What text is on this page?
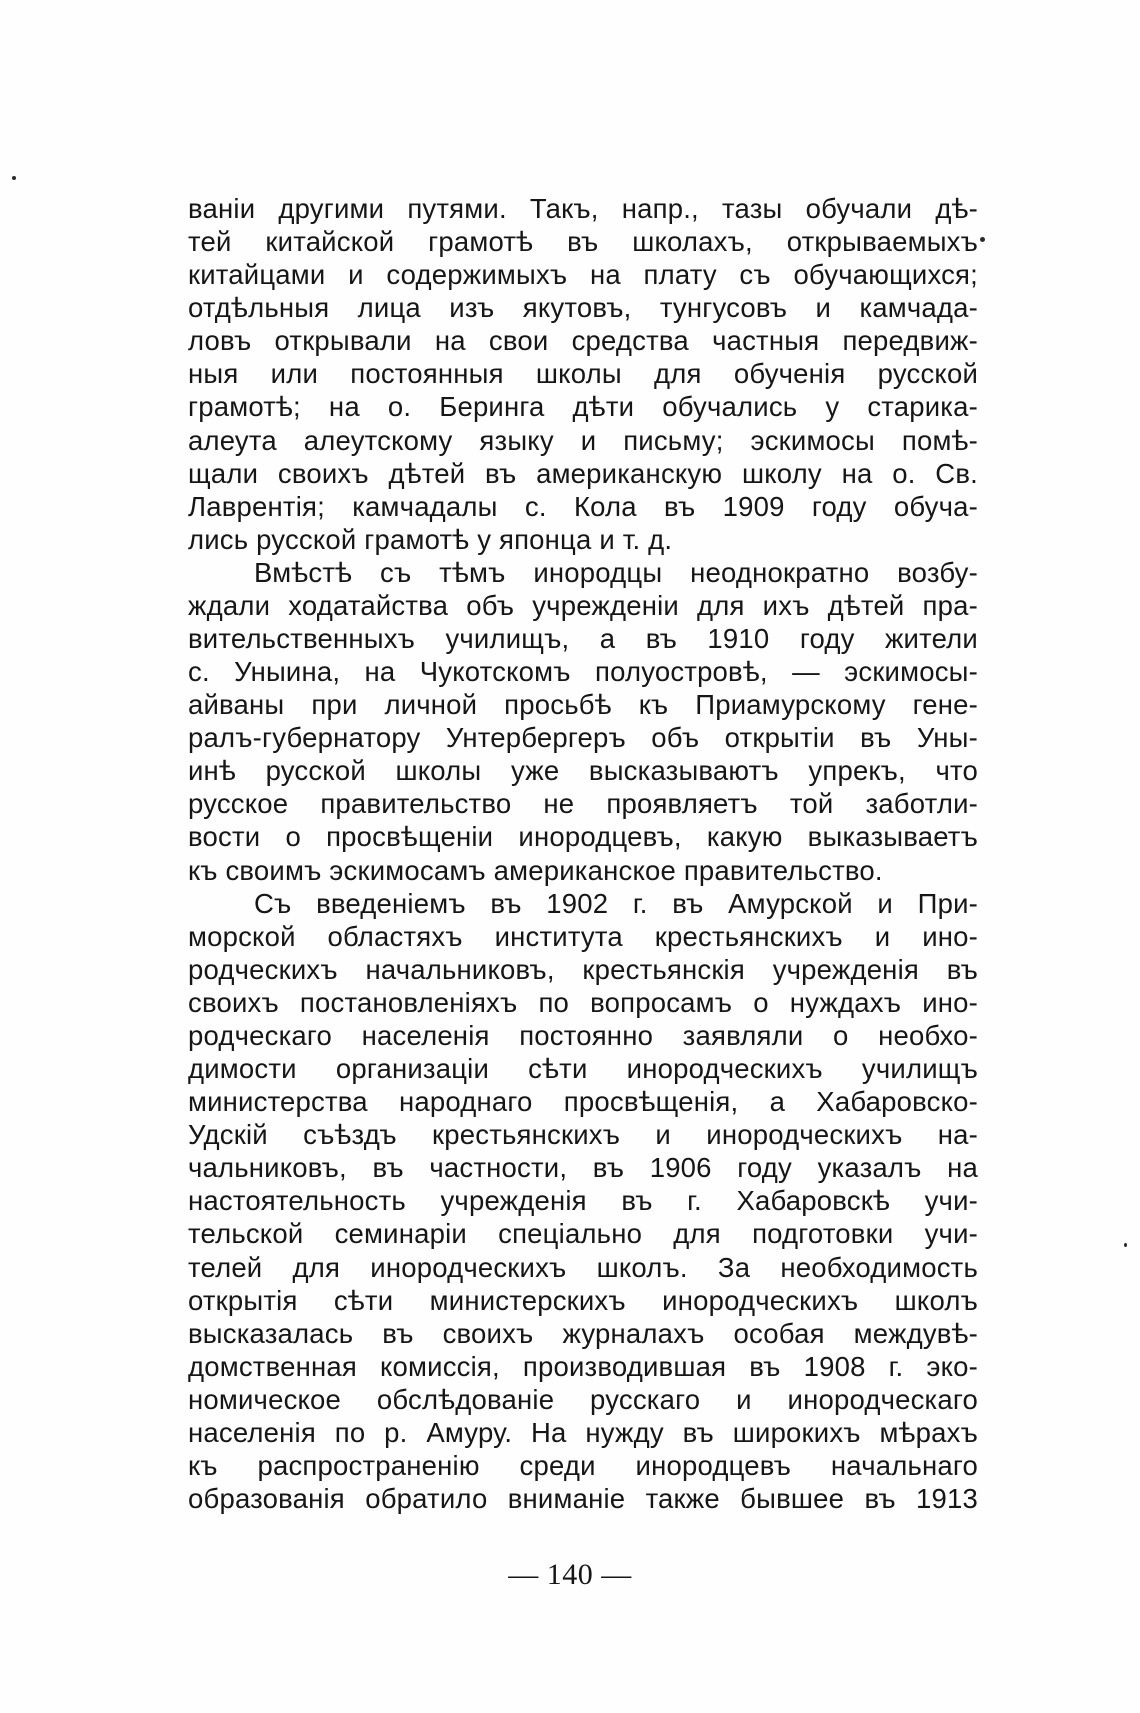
ванiи другими путями. Такъ, напр., тазы обучали дѣ-
тей китайской грамотѣ въ школахъ, открываемыхъ
китайцами и содержимыхъ на плату съ обучающихся;
отдѣльныя лица изъ якутовъ, тунгусовъ и камчада-
ловъ открывали на свои средства частныя передвиж-
ныя или постоянныя школы для обученiя русской
грамотѣ; на о. Беринга дѣти обучались у старика-
алеута алеутскому языку и письму; эскимосы помѣ-
щали своихъ дѣтей въ американскую школу на о. Св.
Лаврентiя; камчадалы с. Кола въ 1909 году обуча-
лись русской грамотѣ у японца и т. д.
Вмѣстѣ съ тѣмъ инородцы неоднократно возбу-
ждали ходатайства объ учрежденiи для ихъ дѣтей пра-
вительственныхъ училищъ, а въ 1910 году жители
с. Уныина, на Чукотскомъ полуостровѣ, — эскимосы-
айваны при личной просьбѣ къ Приамурскому гене-
ралъ-губернатору Унтербергеръ объ открытiи въ Уны-
инѣ русской школы уже высказываютъ упрекъ, что
русское правительство не проявляетъ той заботли-
вости о просвѣщенiи инородцевъ, какую выказываетъ
къ своимъ эскимосамъ американское правительство.
Съ введенiемъ въ 1902 г. въ Амурской и При-
морской областяхъ института крестьянскихъ и ино-
родческихъ начальниковъ, крестьянскiя учрежденiя въ
своихъ постановленiяхъ по вопросамъ о нуждахъ ино-
родческаго населенiя постоянно заявляли о необхо-
димости организацiи сѣти инородческихъ училищъ
министерства народнаго просвѣщенiя, а Хабаровско-
Удскiй съѣздъ крестьянскихъ и инородческихъ на-
чальниковъ, въ частности, въ 1906 году указалъ на
настоятельность учрежденiя въ г. Хабаровскѣ учи-
тельской семинарiи спецiально для подготовки учи-
телей для инородческихъ школъ. За необходимость
открытiя сѣти министерскихъ инородческихъ школъ
высказалась въ своихъ журналахъ особая междувѣ-
домственная комиссiя, производившая въ 1908 г. эко-
номическое обслѣдованiе русскаго и инородческаго
населенiя по р. Амуру. На нужду въ широкихъ мѣрахъ
къ распространенiю среди инородцевъ начальнаго
образованiя обратило вниманiе также бывшее въ 1913
— 140 —
